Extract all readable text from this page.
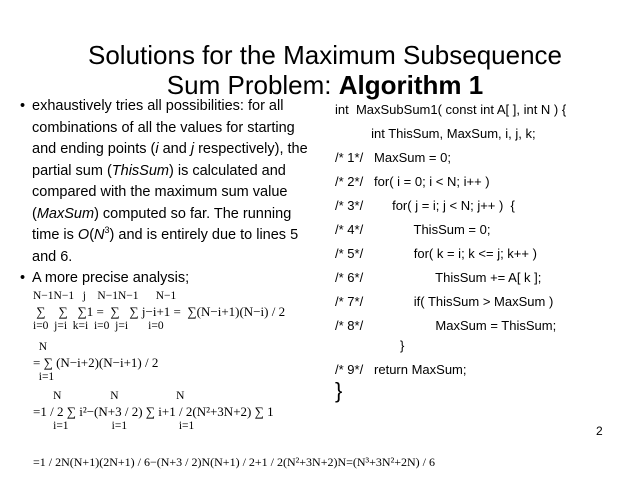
Solutions for the Maximum Subsequence
Sum Problem: Algorithm 1
• exhaustively tries all possibilities: for all combinations of all the values for starting and ending points (i and j respectively), the partial sum (ThisSum) is calculated and compared with the maximum sum value (MaxSum) computed so far. The running time is $O(N^3)$ and is entirely due to lines 5 and 6.
• A more precise analysis;
N−1N−1   j    N−1N−1      N−1
∑    ∑   ∑1 =  ∑   ∑ j−i+1 =  ∑(N−i+1)(N−i) / 2
i=0  j=i  k=i  i=0  j=i       i=0
N
= ∑ (N−i+2)(N−i+1) / 2
i=1
N                 N                    N
=1 / 2 ∑ i²−(N+3 / 2) ∑ i+1 / 2(N²+3N+2) ∑ 1
i=1               i=1                  i=1
=1 / 2N(N+1)(2N+1) / 6−(N+3 / 2)N(N+1) / 2+1 / 2(N²+3N+2)N=(N³+3N²+2N) / 6
int  MaxSubSum1( const int A[ ], int N ) {
int ThisSum, MaxSum, i, j, k;
/* 1*/   MaxSum = 0;
/* 2*/   for( i = 0; i < N; i++ )
/* 3*/        for( j = i; j < N; j++ )  {
/* 4*/              ThisSum = 0;
/* 5*/              for( k = i; k <= j; k++ )
/* 6*/                    ThisSum += A[ k ];
/* 7*/              if( ThisSum > MaxSum )
/* 8*/                    MaxSum = ThisSum;
}
/* 9*/   return MaxSum;
}
2
